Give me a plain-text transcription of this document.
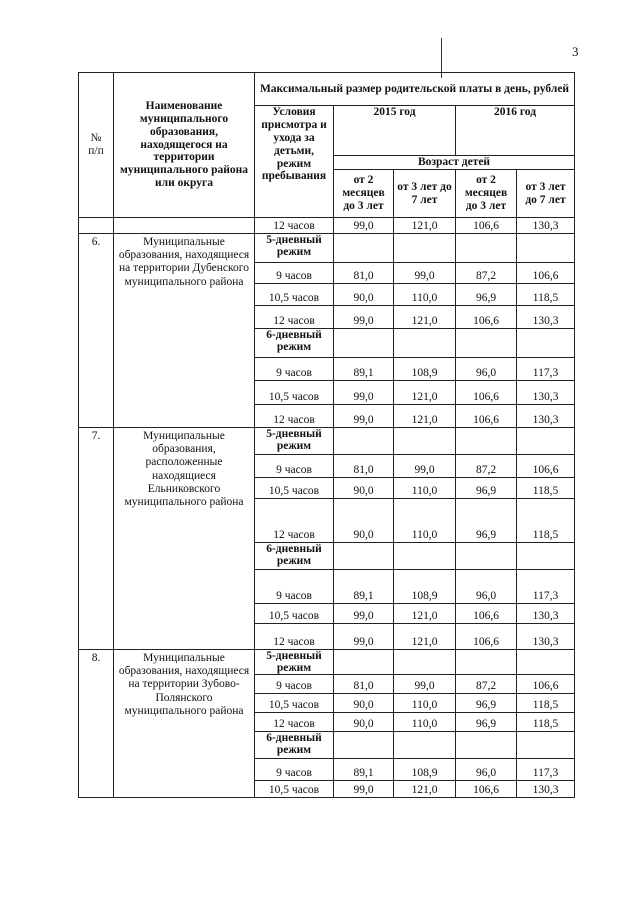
3
№
п/п	Наименование муниципального образования, находящегося на территории муниципального района или округа	Максимальный размер родительской платы в день, рублей				
		Условия присмотра и ухода за детьми, режим пребывания	2015 год		2016 год	
			Возраст детей			
			от 2 месяцев до 3 лет	от 3 лет до 7 лет	от 2 месяцев до 3 лет	от 3 лет до 7 лет
		12 часов	99,0	121,0	106,6	130,3
6.	Муниципальные образования, находящиеся на территории Дубенского муниципального района	5-дневный режим				
		9 часов	81,0	99,0	87,2	106,6
		10,5 часов	90,0	110,0	96,9	118,5
		12 часов	99,0	121,0	106,6	130,3
		6-дневный режим				
		9 часов	89,1	108,9	96,0	117,3
		10,5 часов	99,0	121,0	106,6	130,3
		12 часов	99,0	121,0	106,6	130,3
7.	Муниципальные образования, расположенные находящиеся Ельниковского муниципального района	5-дневный режим				
		9 часов	81,0	99,0	87,2	106,6
		10,5 часов	90,0	110,0	96,9	118,5
		12 часов	90,0	110,0	96,9	118,5
		6-дневный режим				
		9 часов	89,1	108,9	96,0	117,3
		10,5 часов	99,0	121,0	106,6	130,3
		12 часов	99,0	121,0	106,6	130,3
8.	Муниципальные образования, находящиеся на территории Зубово-Полянского муниципального района	5-дневный режим				
		9 часов	81,0	99,0	87,2	106,6
		10,5 часов	90,0	110,0	96,9	118,5
		12 часов	90,0	110,0	96,9	118,5
		6-дневный режим				
		9 часов	89,1	108,9	96,0	117,3
		10,5 часов	99,0	121,0	106,6	130,3
